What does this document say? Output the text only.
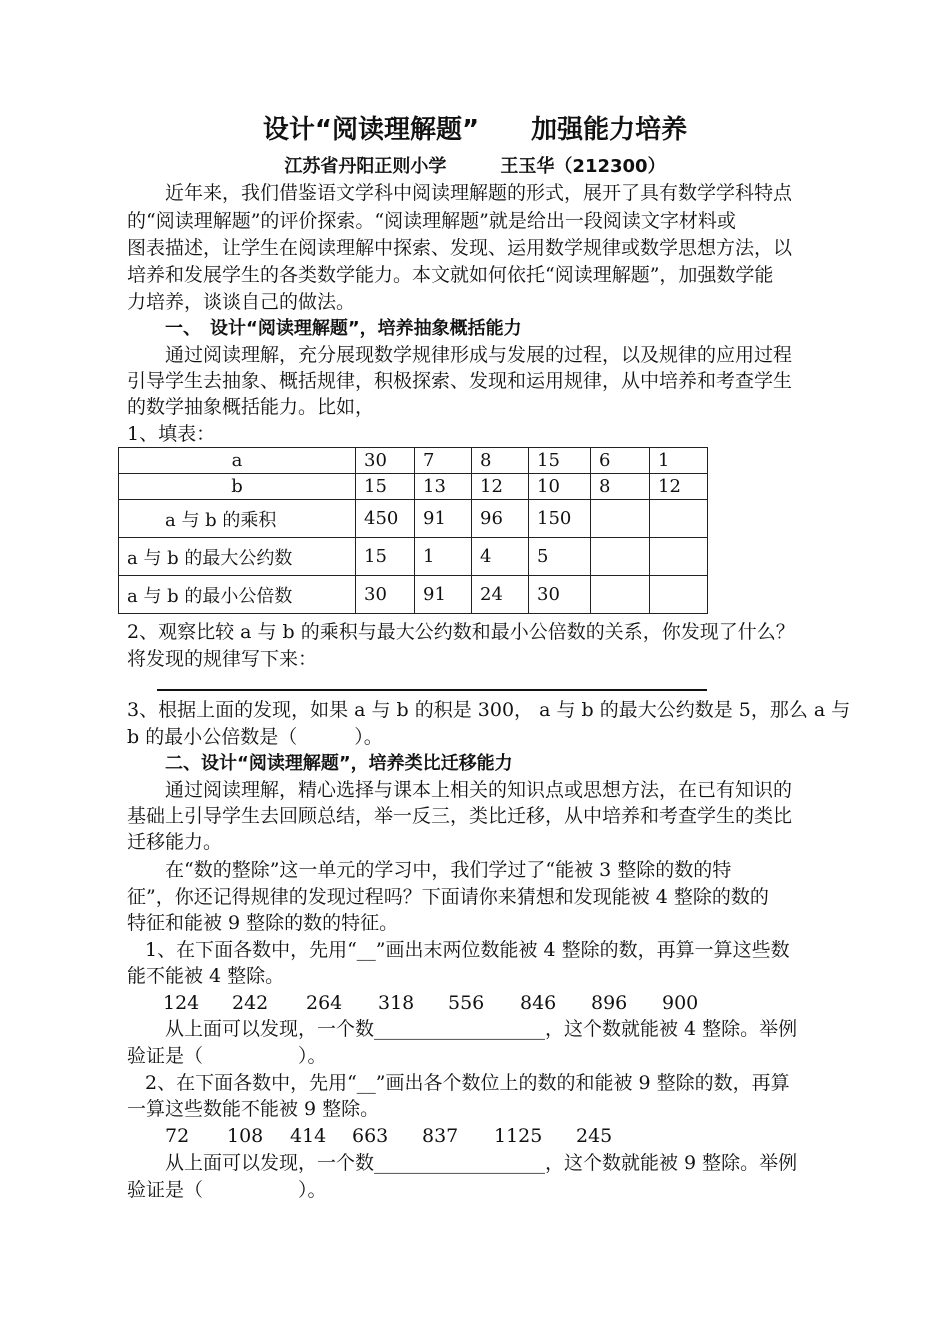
设计“阅读理解题”　　加强能力培养
江苏省丹阳正则小学　　　王玉华（212300）
近年来，我们借鉴语文学科中阅读理解题的形式，展开了具有数学学科特点
的“阅读理解题”的评价探索。“阅读理解题”就是给出一段阅读文字材料或
图表描述，让学生在阅读理解中探索、发现、运用数学规律或数学思想方法，以
培养和发展学生的各类数学能力。本文就如何依托“阅读理解题”，加强数学能
力培养，谈谈自己的做法。
一、　设计“阅读理解题”，培养抽象概括能力
通过阅读理解，充分展现数学规律形成与发展的过程，以及规律的应用过程
引导学生去抽象、概括规律，积极探索、发现和运用规律，从中培养和考查学生
的数学抽象概括能力。比如，
1、填表：
a	30	7	8	15	6	1
b	15	13	12	10	8	12
a 与 b 的乘积	450	91	96	150		
a 与 b 的最大公约数	15	1	4	5		
a 与 b 的最小公倍数	30	91	24	30		
2、观察比较 a 与 b 的乘积与最大公约数和最小公倍数的关系，你发现了什么？
将发现的规律写下来：
3、根据上面的发现，如果 a 与 b 的积是 300， a 与 b 的最大公约数是 5，那么 a 与
b 的最小公倍数是（　　　）。
二、设计“阅读理解题”，培养类比迁移能力
通过阅读理解，精心选择与课本上相关的知识点或思想方法，在已有知识的
基础上引导学生去回顾总结，举一反三，类比迁移，从中培养和考查学生的类比
迁移能力。
在“数的整除”这一单元的学习中，我们学过了“能被 3 整除的数的特
征”，你还记得规律的发现过程吗？下面请你来猜想和发现能被 4 整除的数的
特征和能被 9 整除的数的特征。
1、在下面各数中，先用“__”画出末两位数能被 4 整除的数，再算一算这些数
能不能被 4 整除。
124 242 264 318 556 846 896 900
从上面可以发现，一个数__________________，这个数就能被 4 整除。举例
验证是（　　　　　）。
2、在下面各数中，先用“__”画出各个数位上的数的和能被 9 整除的数，再算
一算这些数能不能被 9 整除。
72 108 414 663 837 1125 245
从上面可以发现，一个数__________________，这个数就能被 9 整除。举例
验证是（　　　　　）。
